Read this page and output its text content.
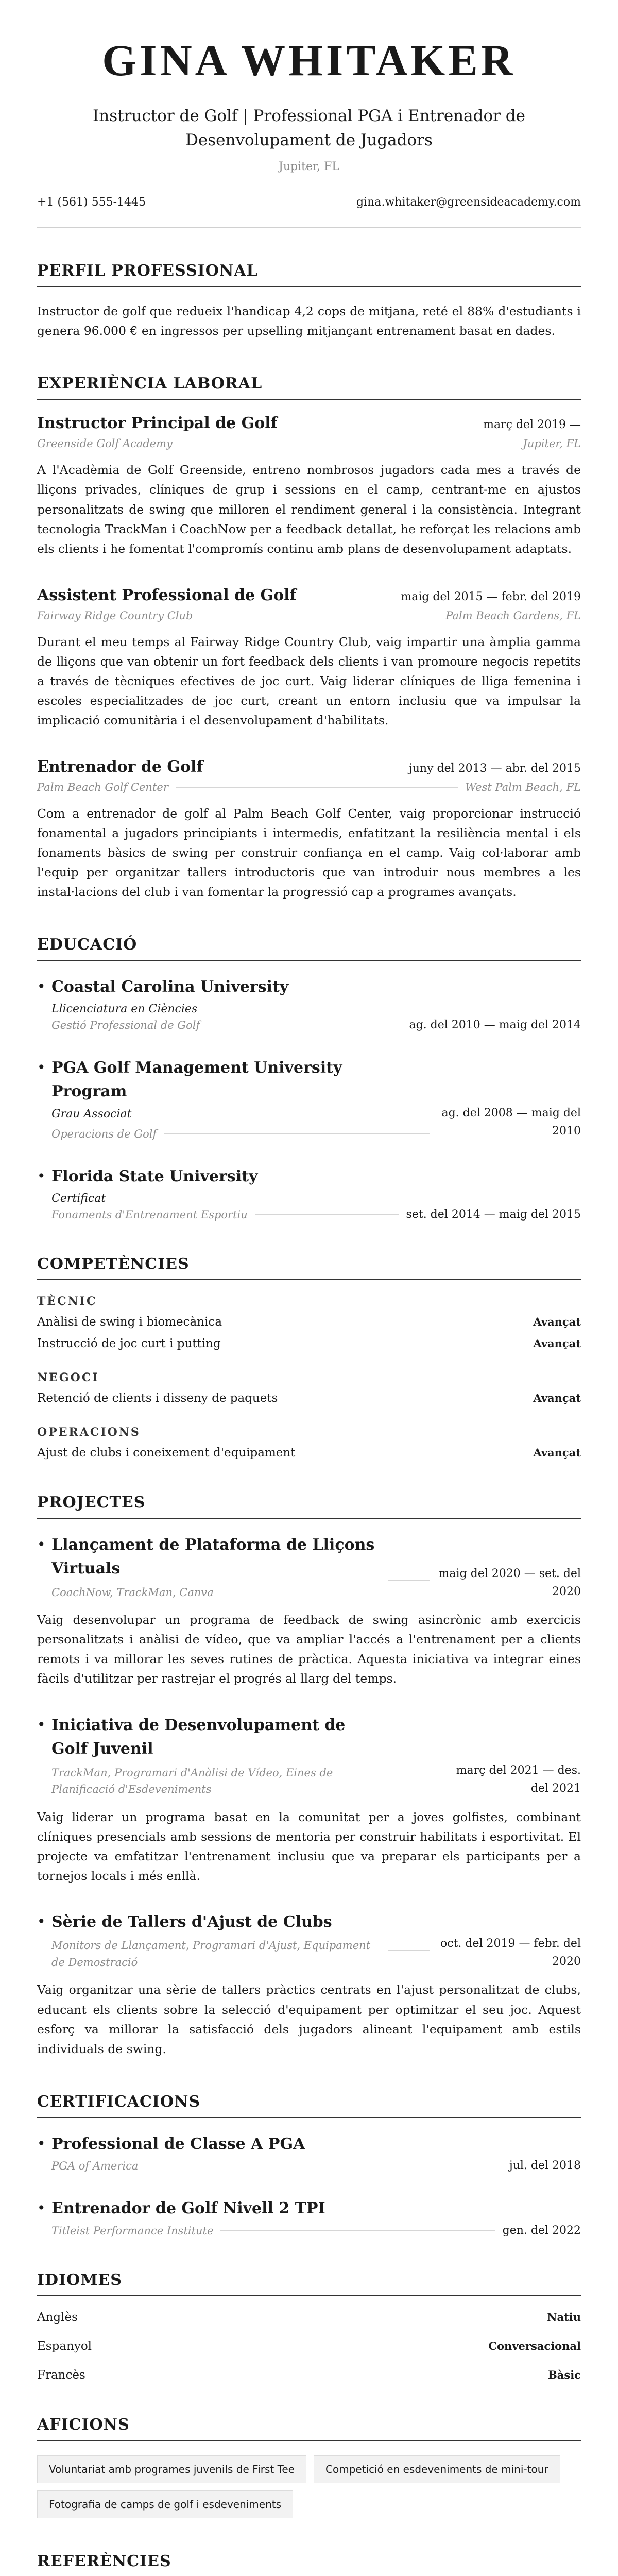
GINA WHITAKER
Instructor de Golf | Professional PGA i Entrenador de Desenvolupament de Jugadors
Jupiter, FL
+1 (561) 555-1445	gina.whitaker@greensideacademy.com
PERFIL PROFESSIONAL

Instructor de golf que redueix l'handicap 4,2 cops de mitjana, reté el 88% d'estudiants i genera 96.000 € en ingressos per upselling mitjançant entrenament basat en dades.

EXPERIÈNCIA LABORAL
Instructor Principal de Golf	març del 2019 —
Greenside Golf Academy	Jupiter, FL

A l'Acadèmia de Golf Greenside, entreno nombrosos jugadors cada mes a través de lliçons privades, clíniques de grup i sessions en el camp, centrant-me en ajustos personalitzats de swing que milloren el rendiment general i la consistència. Integrant tecnologia TrackMan i CoachNow per a feedback detallat, he reforçat les relacions amb els clients i he fomentat l'compromís continu amb plans de desenvolupament adaptats.

Assistent Professional de Golf	maig del 2015 — febr. del 2019
Fairway Ridge Country Club	Palm Beach Gardens, FL

Durant el meu temps al Fairway Ridge Country Club, vaig impartir una àmplia gamma de lliçons que van obtenir un fort feedback dels clients i van promoure negocis repetits a través de tècniques efectives de joc curt. Vaig liderar clíniques de lliga femenina i escoles especialitzades de joc curt, creant un entorn inclusiu que va impulsar la implicació comunitària i el desenvolupament d'habilitats.

Entrenador de Golf	juny del 2013 — abr. del 2015
Palm Beach Golf Center	West Palm Beach, FL

Com a entrenador de golf al Palm Beach Golf Center, vaig proporcionar instrucció fonamental a jugadors principiants i intermedis, enfatitzant la resiliència mental i els fonaments bàsics de swing per construir confiança en el camp. Vaig col·laborar amb l'equip per organitzar tallers introductoris que van introduir nous membres a les instal·lacions del club i van fomentar la progressió cap a programes avançats.

EDUCACIÓ
• Coastal Carolina University
Llicenciatura en Ciències
Gestió Professional de Golf	ag. del 2010 — maig del 2014
• PGA Golf Management University Program
Grau Associat
Operacions de Golf
ag. del 2008 — maig del 2010
• Florida State University
Certificat
Fonaments d'Entrenament Esportiu	set. del 2014 — maig del 2015
COMPETÈNCIES
TÈCNIC
Anàlisi de swing i biomecànica	Avançat
Instrucció de joc curt i putting	Avançat
NEGOCI
Retenció de clients i disseny de paquets	Avançat
OPERACIONS
Ajust de clubs i coneixement d'equipament	Avançat
PROJECTES
• Llançament de Plataforma de Lliçons Virtuals
CoachNow, TrackMan, Canva
maig del 2020 — set. del 2020

Vaig desenvolupar un programa de feedback de swing asincrònic amb exercicis personalitzats i anàlisi de vídeo, que va ampliar l'accés a l'entrenament per a clients remots i va millorar les seves rutines de pràctica. Aquesta iniciativa va integrar eines fàcils d'utilitzar per rastrejar el progrés al llarg del temps.

• Iniciativa de Desenvolupament de Golf Juvenil
TrackMan, Programari d'Anàlisi de Vídeo, Eines de Planificació d'Esdeveniments
març del 2021 — des. del 2021

Vaig liderar un programa basat en la comunitat per a joves golfistes, combinant clíniques presencials amb sessions de mentoria per construir habilitats i esportivitat. El projecte va emfatitzar l'entrenament inclusiu que va preparar els participants per a tornejos locals i més enllà.

• Sèrie de Tallers d'Ajust de Clubs
Monitors de Llançament, Programari d'Ajust, Equipament de Demostració
oct. del 2019 — febr. del 2020

Vaig organitzar una sèrie de tallers pràctics centrats en l'ajust personalitzat de clubs, educant els clients sobre la selecció d'equipament per optimitzar el seu joc. Aquest esforç va millorar la satisfacció dels jugadors alineant l'equipament amb estils individuals de swing.

CERTIFICACIONS
• Professional de Classe A PGA
PGA of America	jul. del 2018
• Entrenador de Golf Nivell 2 TPI
Titleist Performance Institute	gen. del 2022
IDIOMES
Anglès	Natiu
Espanyol	Conversacional
Francès	Bàsic
AFICIONS
Voluntariat amb programes juvenils de First Tee	Competició en esdeveniments de mini-tour
Fotografia de camps de golf i esdeveniments
REFERÈNCIES
